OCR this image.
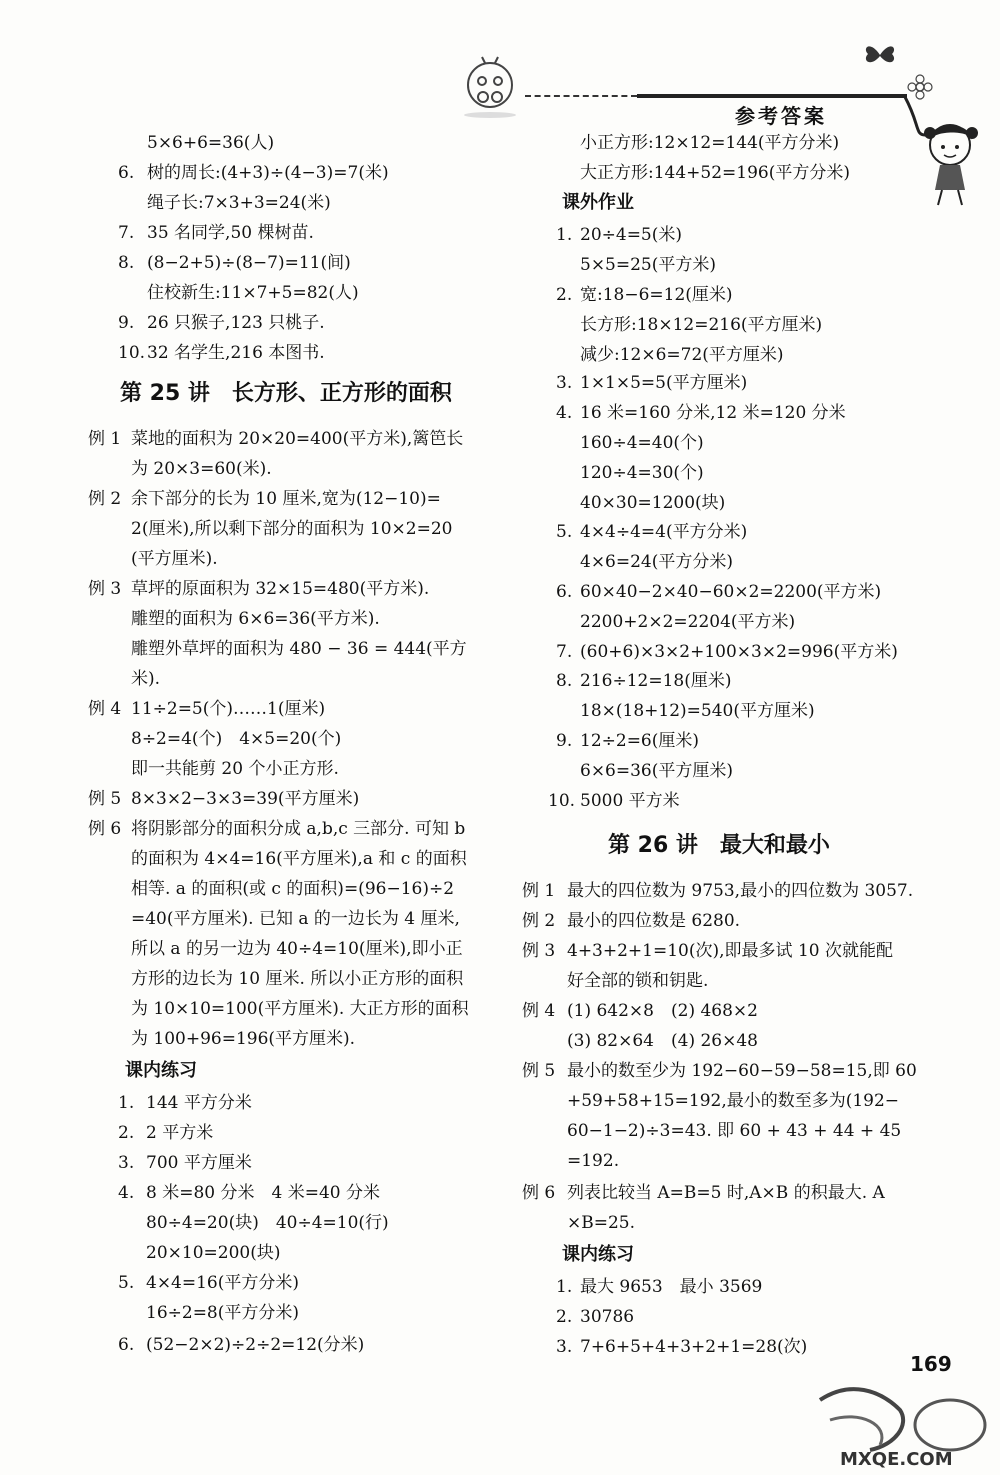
参考答案
5×6+6=36(人)
6. 树的周长:(4+3)÷(4−3)=7(米)
绳子长:7×3+3=24(米)
7. 35 名同学,50 棵树苗.
8. (8−2+5)÷(8−7)=11(间)
住校新生:11×7+5=82(人)
9. 26 只猴子,123 只桃子.
10. 32 名学生,216 本图书.
第 25 讲　长方形、正方形的面积
例 1 菜地的面积为 20×20=400(平方米),篱笆长
为 20×3=60(米).
例 2 余下部分的长为 10 厘米,宽为(12−10)=
2(厘米),所以剩下部分的面积为 10×2=20
(平方厘米).
例 3 草坪的原面积为 32×15=480(平方米).
雕塑的面积为 6×6=36(平方米).
雕塑外草坪的面积为 480 − 36 = 444(平方
米).
例 4 11÷2=5(个)……1(厘米)
8÷2=4(个)　4×5=20(个)
即一共能剪 20 个小正方形.
例 5 8×3×2−3×3=39(平方厘米)
例 6 将阴影部分的面积分成 a,b,c 三部分. 可知 b
的面积为 4×4=16(平方厘米),a 和 c 的面积
相等. a 的面积(或 c 的面积)=(96−16)÷2
=40(平方厘米). 已知 a 的一边长为 4 厘米,
所以 a 的另一边为 40÷4=10(厘米),即小正
方形的边长为 10 厘米. 所以小正方形的面积
为 10×10=100(平方厘米). 大正方形的面积
为 100+96=196(平方厘米).
课内练习
1. 144 平方分米
2. 2 平方米
3. 700 平方厘米
4. 8 米=80 分米　4 米=40 分米
80÷4=20(块)　40÷4=10(行)
20×10=200(块)
5. 4×4=16(平方分米)
16÷2=8(平方分米)
6. (52−2×2)÷2÷2=12(分米)
小正方形:12×12=144(平方分米)
大正方形:144+52=196(平方分米)
课外作业
1. 20÷4=5(米)
5×5=25(平方米)
2. 宽:18−6=12(厘米)
长方形:18×12=216(平方厘米)
减少:12×6=72(平方厘米)
3. 1×1×5=5(平方厘米)
4. 16 米=160 分米,12 米=120 分米
160÷4=40(个)
120÷4=30(个)
40×30=1200(块)
5. 4×4÷4=4(平方分米)
4×6=24(平方分米)
6. 60×40−2×40−60×2=2200(平方米)
2200+2×2=2204(平方米)
7. (60+6)×3×2+100×3×2=996(平方米)
8. 216÷12=18(厘米)
18×(18+12)=540(平方厘米)
9. 12÷2=6(厘米)
6×6=36(平方厘米)
10. 5000 平方米
第 26 讲　最大和最小
例 1 最大的四位数为 9753,最小的四位数为 3057.
例 2 最小的四位数是 6280.
例 3 4+3+2+1=10(次),即最多试 10 次就能配
好全部的锁和钥匙.
例 4 (1) 642×8　(2) 468×2
(3) 82×64　(4) 26×48
例 5 最小的数至少为 192−60−59−58=15,即 60
+59+58+15=192,最小的数至多为(192−
60−1−2)÷3=43. 即 60 + 43 + 44 + 45
=192.
例 6 列表比较当 A=B=5 时,A×B 的积最大. A
×B=25.
课内练习
1. 最大 9653　最小 3569
2. 30786
3. 7+6+5+4+3+2+1=28(次)
169
MXQE.COM
